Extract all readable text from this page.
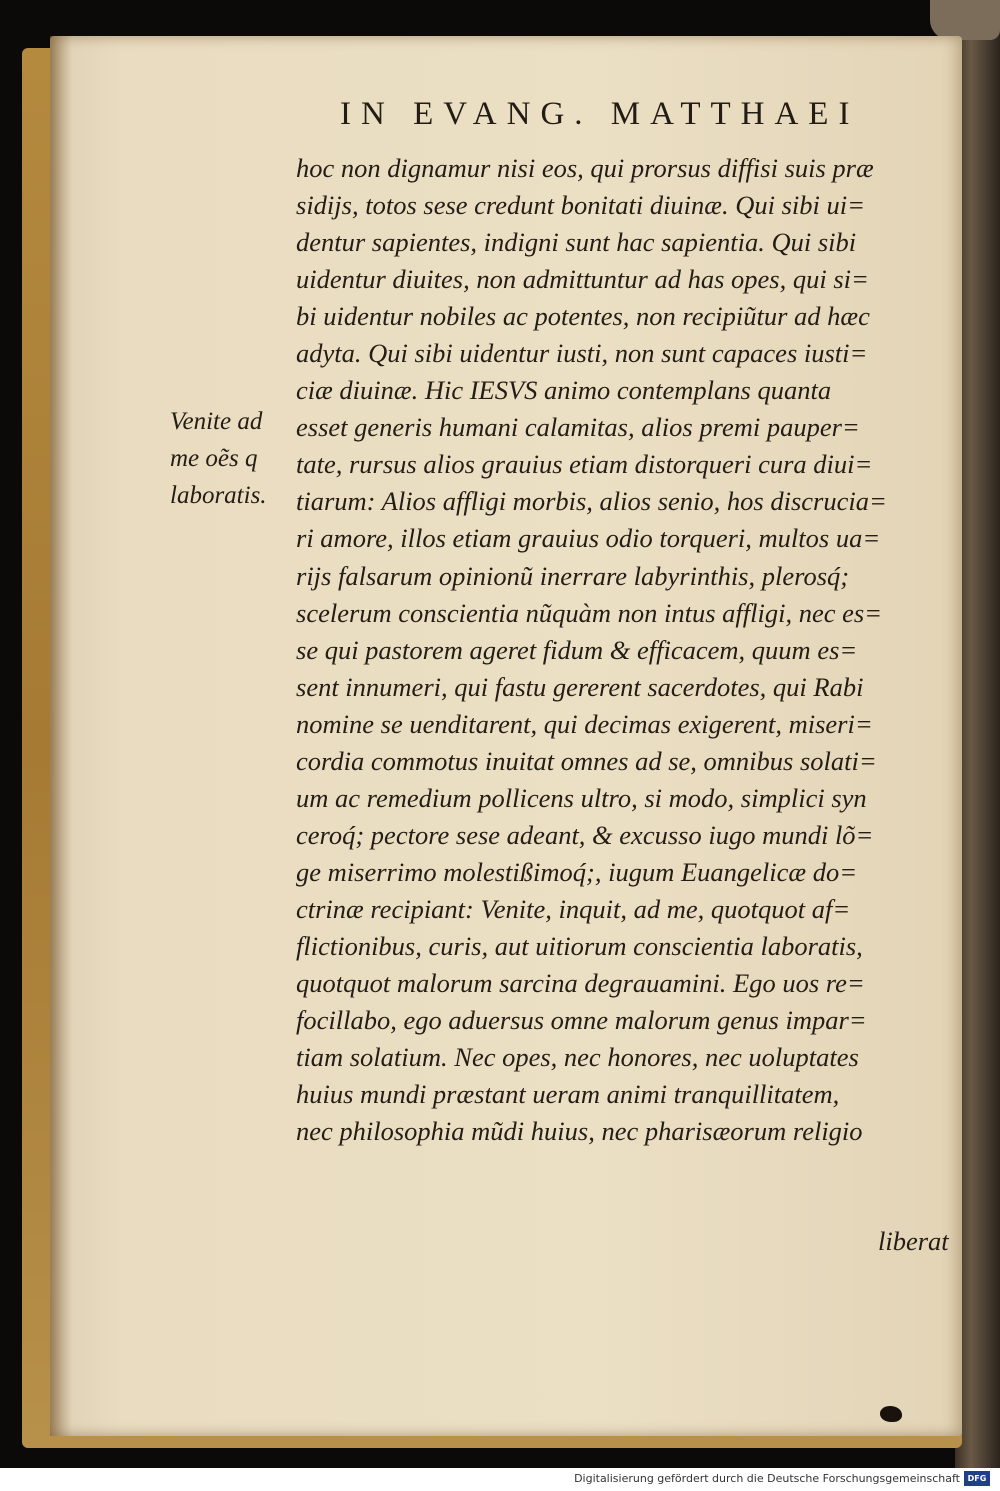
IN EVANG. MATTHAEI
Venite ad
me oẽs q
laboratis.
hoc non dignamur nisi eos, qui prorsus diffisi suis præ
sidijs, totos sese credunt bonitati diuinæ. Qui sibi ui=
dentur sapientes, indigni sunt hac sapientia. Qui sibi
uidentur diuites, non admittuntur ad has opes, qui si=
bi uidentur nobiles ac potentes, non recipiũtur ad hæc
adyta. Qui sibi uidentur iusti, non sunt capaces iusti=
ciæ diuinæ. Hic IESVS animo contemplans quanta
esset generis humani calamitas, alios premi pauper=
tate, rursus alios grauius etiam distorqueri cura diui=
tiarum: Alios affligi morbis, alios senio, hos discrucia=
ri amore, illos etiam grauius odio torqueri, multos ua=
rijs falsarum opinionũ inerrare labyrinthis, plerosq́;
scelerum conscientia nũquàm non intus affligi, nec es=
se qui pastorem ageret fidum & efficacem, quum es=
sent innumeri, qui fastu gererent sacerdotes, qui Rabi
nomine se uenditarent, qui decimas exigerent, miseri=
cordia commotus inuitat omnes ad se, omnibus solati=
um ac remedium pollicens ultro, si modo, simplici syn
ceroq́; pectore sese adeant, & excusso iugo mundi lõ=
ge miserrimo molestißimoq́;, iugum Euangelicæ do=
ctrinæ recipiant: Venite, inquit, ad me, quotquot af=
flictionibus, curis, aut uitiorum conscientia laboratis,
quotquot malorum sarcina degrauamini. Ego uos re=
focillabo, ego aduersus omne malorum genus impar=
tiam solatium. Nec opes, nec honores, nec uoluptates
huius mundi præstant ueram animi tranquillitatem,
nec philosophia mũdi huius, nec pharisæorum religio
liberat
Digitalisierung gefördert durch die Deutsche Forschungsgemeinschaft DFG
